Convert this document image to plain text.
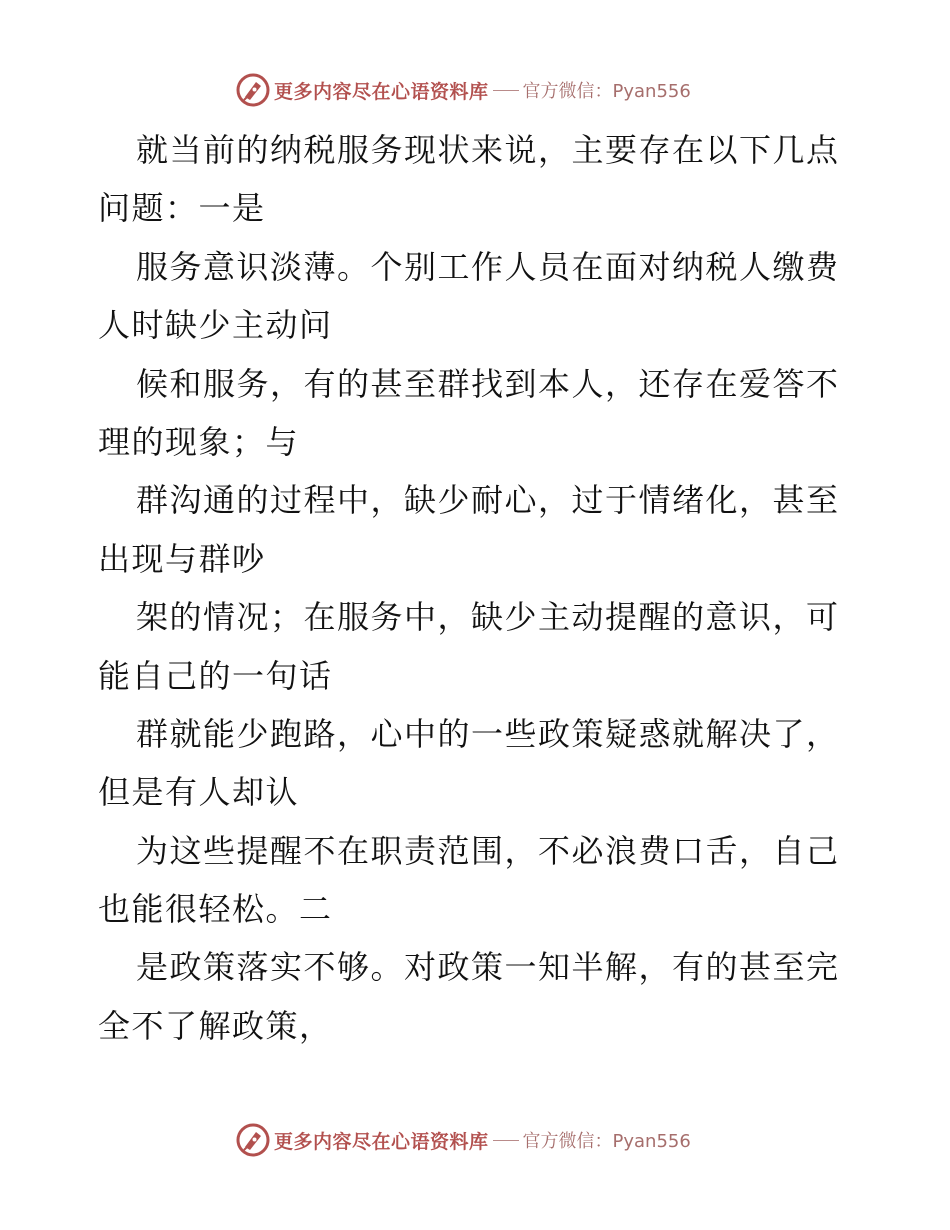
更多内容尽在心语资料库 官方微信：Pyan556
就当前的纳税服务现状来说，主要存在以下几点
问题：一是
服务意识淡薄。个别工作人员在面对纳税人缴费
人时缺少主动问
候和服务，有的甚至群找到本人，还存在爱答不
理的现象；与
群沟通的过程中，缺少耐心，过于情绪化，甚至
出现与群吵
架的情况；在服务中，缺少主动提醒的意识，可
能自己的一句话
群就能少跑路，心中的一些政策疑惑就解决了，
但是有人却认
为这些提醒不在职责范围，不必浪费口舌，自己
也能很轻松。二
是政策落实不够。对政策一知半解，有的甚至完
全不了解政策，
更多内容尽在心语资料库 官方微信：Pyan556
